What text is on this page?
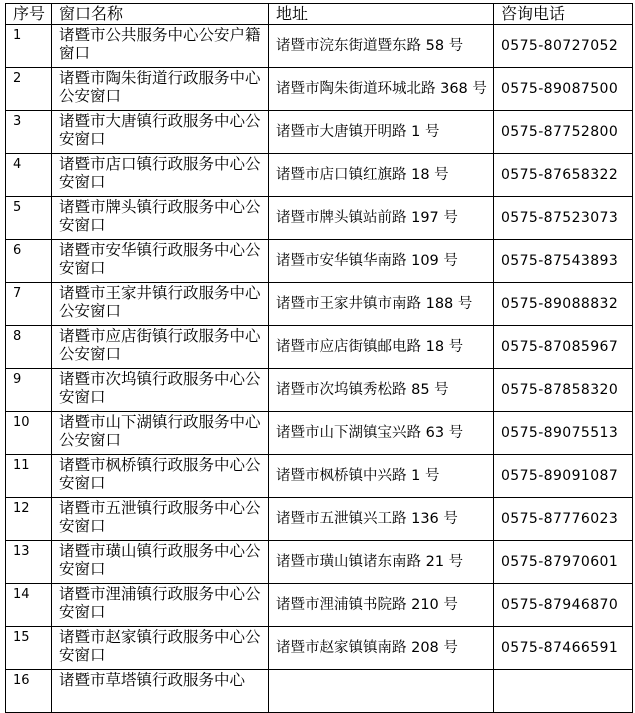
序号	窗口名称	地址	咨询电话
1	诸暨市公共服务中心公安户籍窗口	诸暨市浣东街道暨东路 58 号	0575-80727052
2	诸暨市陶朱街道行政服务中心公安窗口	诸暨市陶朱街道环城北路 368 号	0575-89087500
3	诸暨市大唐镇行政服务中心公安窗口	诸暨市大唐镇开明路 1 号	0575-87752800
4	诸暨市店口镇行政服务中心公安窗口	诸暨市店口镇红旗路 18 号	0575-87658322
5	诸暨市牌头镇行政服务中心公安窗口	诸暨市牌头镇站前路 197 号	0575-87523073
6	诸暨市安华镇行政服务中心公安窗口	诸暨市安华镇华南路 109 号	0575-87543893
7	诸暨市王家井镇行政服务中心公安窗口	诸暨市王家井镇市南路 188 号	0575-89088832
8	诸暨市应店街镇行政服务中心公安窗口	诸暨市应店街镇邮电路 18 号	0575-87085967
9	诸暨市次坞镇行政服务中心公安窗口	诸暨市次坞镇秀松路 85 号	0575-87858320
10	诸暨市山下湖镇行政服务中心公安窗口	诸暨市山下湖镇宝兴路 63 号	0575-89075513
11	诸暨市枫桥镇行政服务中心公安窗口	诸暨市枫桥镇中兴路 1 号	0575-89091087
12	诸暨市五泄镇行政服务中心公安窗口	诸暨市五泄镇兴工路 136 号	0575-87776023
13	诸暨市璜山镇行政服务中心公安窗口	诸暨市璜山镇诸东南路 21 号	0575-87970601
14	诸暨市浬浦镇行政服务中心公安窗口	诸暨市浬浦镇书院路 210 号	0575-87946870
15	诸暨市赵家镇行政服务中心公安窗口	诸暨市赵家镇镇南路 208 号	0575-87466591
16	诸暨市草塔镇行政服务中心		
